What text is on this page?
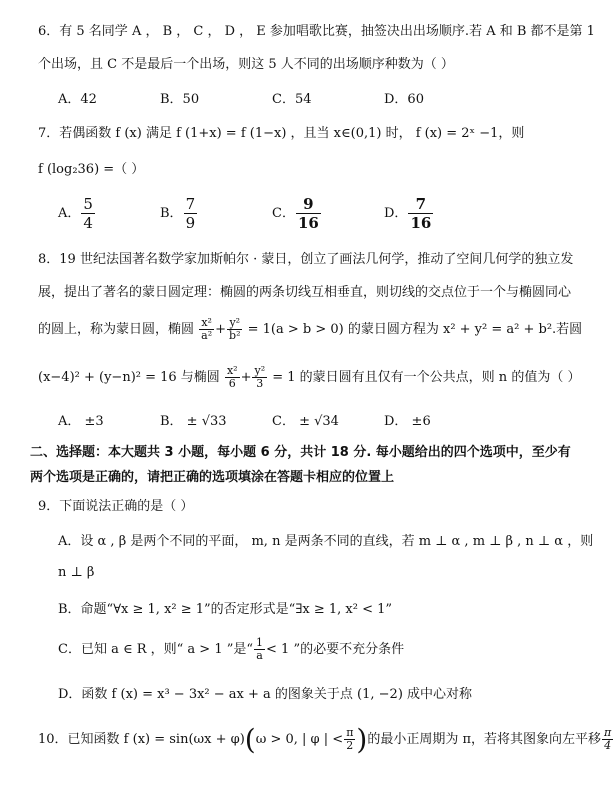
6．有 5 名同学 A ， B ， C ， D ， E 参加唱歌比赛，抽签决出出场顺序.若 A 和 B 都不是第 1
个出场，且 C 不是最后一个出场，则这 5 人不同的出场顺序种数为（ ）
A．42	B．50	C．54	D．60
7．若偶函数 f (x) 满足 f (1+x) = f (1−x) ，且当 x∈(0,1) 时， f (x) = 2ˣ −1，则
f (log₂36) =（ ）
A． $\frac{5}{4}$	B． $\frac{7}{9}$	C． $\frac{9}{16}$	D． $\frac{7}{16}$
8．19 世纪法国著名数学家加斯帕尔 · 蒙日，创立了画法几何学，推动了空间几何学的独立发
展，提出了著名的蒙日圆定理：椭圆的两条切线互相垂直，则切线的交点位于一个与椭圆同心
的圆上，称为蒙日圆，椭圆 $\frac{\text{x²}}{\text{a²}} + \frac{\text{y²}}{\text{b²}} = 1(a > b > 0)$ 的蒙日圆方程为 x² + y² = a² + b².若圆
(x−4)² + (y−n)² = 16 与椭圆 $\frac{\text{x²}}{6} + \frac{\text{y²}}{3} = 1$ 的蒙日圆有且仅有一个公共点，则 n 的值为（ ）
A． ±3	B． ± √33	C． ± √34	D． ±6
二、选择题：本大题共 3 小题，每小题 6 分，共计 18 分. 每小题给出的四个选项中，至少有
两个选项是正确的，请把正确的选项填涂在答题卡相应的位置上
9．下面说法正确的是（ ）
A．设 α , β 是两个不同的平面， m, n 是两条不同的直线，若 m ⊥ α , m ⊥ β , n ⊥ α ，则
n ⊥ β
B．命题“∀x ≥ 1, x² ≥ 1”的否定形式是“∃x ≥ 1, x² < 1”
C．已知 a ∈ R ，则“ a > 1 ”是“ $\frac{1}{a} < 1$ ”的必要不充分条件
D．函数 f (x) = x³ − 3x² − ax + a 的图象关于点 (1, −2) 成中心对称
10．已知函数 f (x) = sin(ωx + φ)(ω > 0, | φ | < $\frac{\pi}{2}$ )的最小正周期为 π，若将其图象向左平移 $\frac{\pi}{4}$
